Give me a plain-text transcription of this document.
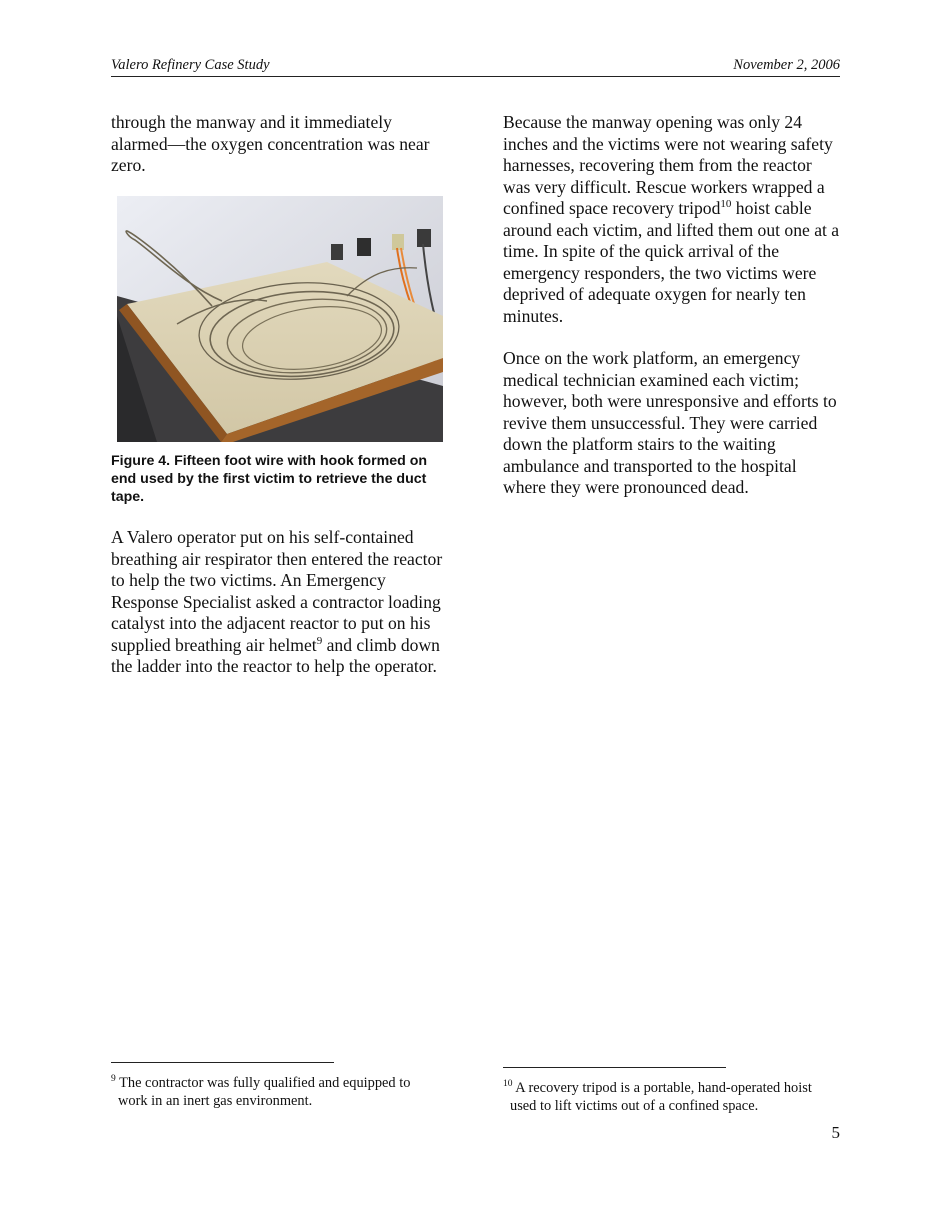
Valero Refinery Case Study	November 2, 2006

through the manway and it immediately alarmed—the oxygen concentration was near zero.

Figure 4. Fifteen foot wire with hook formed on end used by the first victim to retrieve the duct tape.

A Valero operator put on his self-contained breathing air respirator then entered the reactor to help the two victims. An Emergency Response Specialist asked a contractor loading catalyst into the adjacent reactor to put on his supplied breathing air helmet$^9$ and climb down the ladder into the reactor to help the operator.

Because the manway opening was only 24 inches and the victims were not wearing safety harnesses, recovering them from the reactor was very difficult. Rescue workers wrapped a confined space recovery tripod$^{10}$ hoist cable around each victim, and lifted them out one at a time. In spite of the quick arrival of the emergency responders, the two victims were deprived of adequate oxygen for nearly ten minutes.

Once on the work platform, an emergency medical technician examined each victim; however, both were unresponsive and efforts to revive them unsuccessful. They were carried down the platform stairs to the waiting ambulance and transported to the hospital where they were pronounced dead.

$^9$ The contractor was fully qualified and equipped to
work in an inert gas environment.
$^{10}$ A recovery tripod is a portable, hand-operated hoist
used to lift victims out of a confined space.
5
